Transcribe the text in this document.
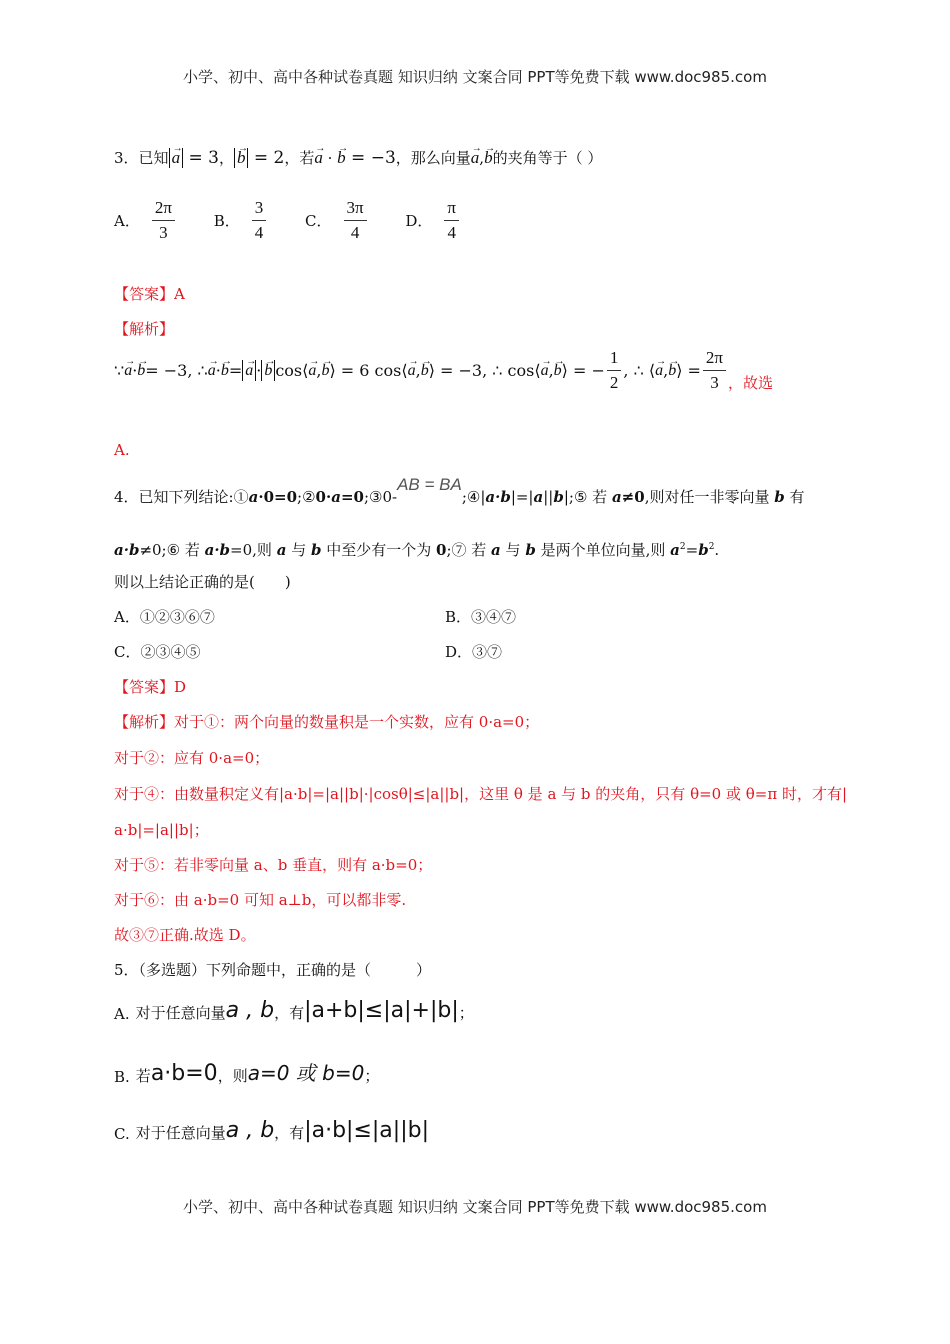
小学、初中、高中各种试卷真题 知识归纳 文案合同 PPT等免费下载 www.doc985.com
3．已知 → a = 3， → b = 2，若→ a · → b = −3，那么向量→ a,→ b的夹角等于（ ）
A． $\frac{2\pi}{3}$
	B． $\frac{3}{4}$
	C． $\frac{3\pi}{4}$
	D． $\frac{\pi}{4}$
【答案】A
【解析】
∵ → a · → b = −3, ∴ → a · → b = → a · → b cos⟨ → a , → b ⟩ = 6 cos⟨ → a , → b ⟩ = −3, ∴ cos⟨ → a , → b ⟩ = − $\frac{1}{2}$ , ∴ ⟨ → a , → b ⟩ = $\frac{2\pi}{3}$ ，故选
A.
4．已知下列结论:①a·0=0;②0·a=0;③0-AB = BA;④|a·b|=|a||b|;⑤ 若 a≠0,则对任一非零向量 b 有
a·b≠0;⑥ 若 a·b=0,则 a 与 b 中至少有一个为 0;⑦ 若 a 与 b 是两个单位向量,则 $a^2=b^2$.
则以上结论正确的是(　　)
A．①②③⑥⑦	B．③④⑦
C．②③④⑤	D．③⑦
【答案】D
【解析】对于①：两个向量的数量积是一个实数，应有 0·a=0；
对于②：应有 0·a=0；
对于④：由数量积定义有|a·b|=|a||b|·|cosθ|≤|a||b|，这里 θ 是 a 与 b 的夹角，只有 θ=0 或 θ=π 时，才有|
a·b|=|a||b|；
对于⑤：若非零向量 a、b 垂直，则有 a·b=0；
对于⑥：由 a·b=0 可知 a⊥b，可以都非零.
故③⑦正确.故选 D。
5．（多选题）下列命题中，正确的是（　　　）
A. 对于任意向量 a , b ，有 |a+b|≤|a|+|b| ；
B. 若 a·b=0 ，则 a=0 或 b=0 ；
C. 对于任意向量 a , b ，有 |a·b|≤|a||b|
小学、初中、高中各种试卷真题 知识归纳 文案合同 PPT等免费下载 www.doc985.com
